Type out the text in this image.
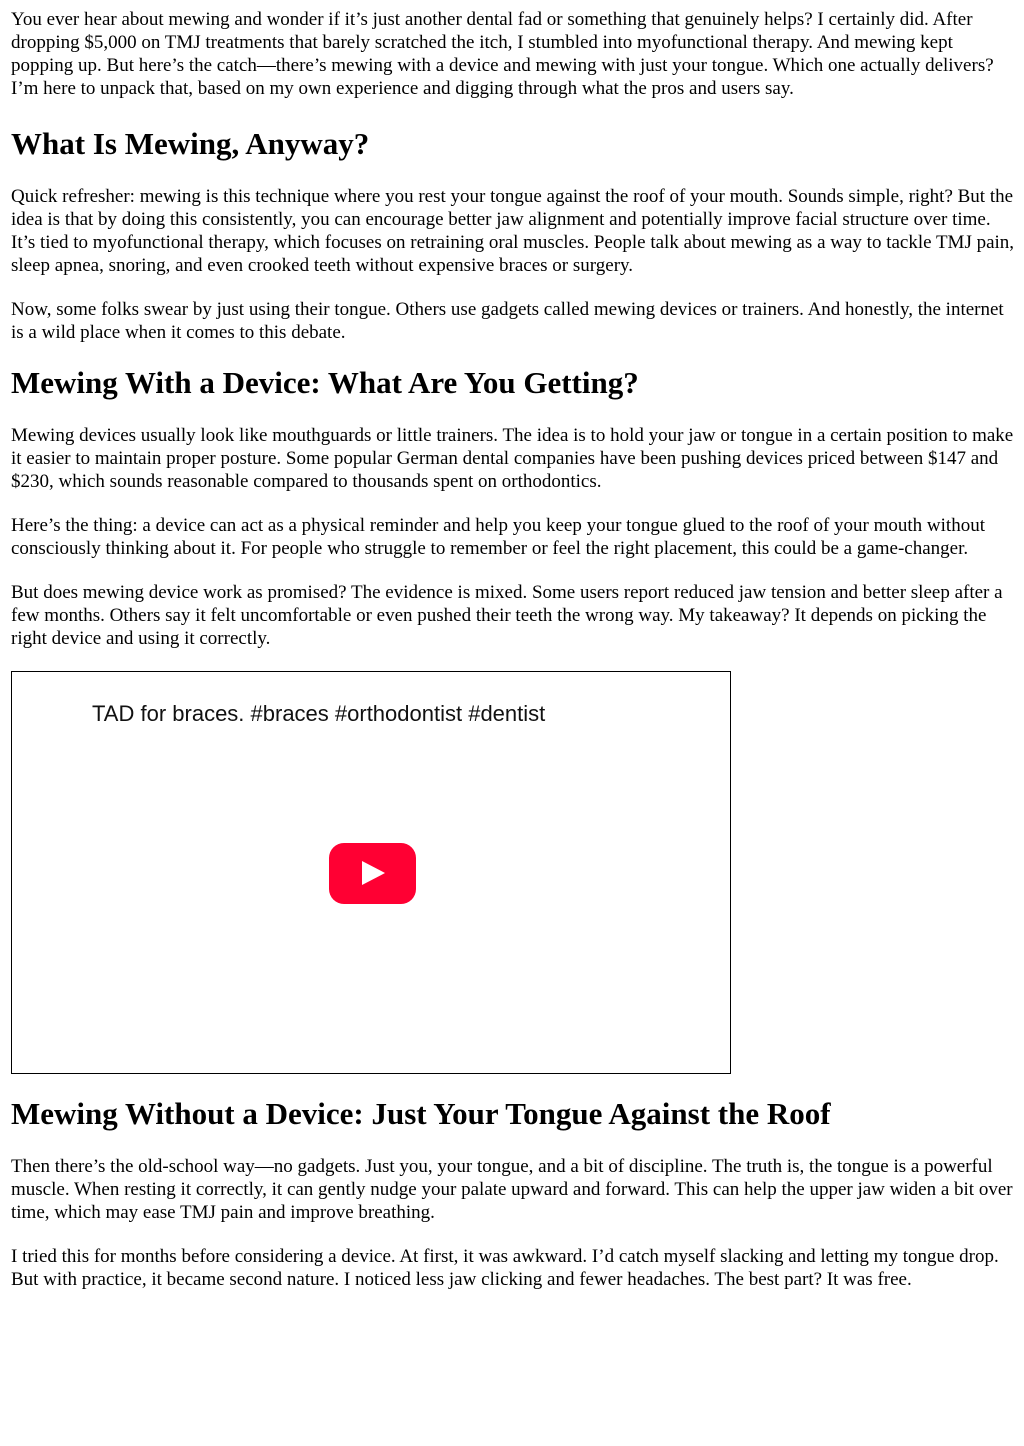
You ever hear about mewing and wonder if it’s just another dental fad or something that genuinely helps? I certainly did. After dropping $5,000 on TMJ treatments that barely scratched the itch, I stumbled into myofunctional therapy. And mewing kept popping up. But here’s the catch—there’s mewing with a device and mewing with just your tongue. Which one actually delivers? I’m here to unpack that, based on my own experience and digging through what the pros and users say.

What Is Mewing, Anyway?

Quick refresher: mewing is this technique where you rest your tongue against the roof of your mouth. Sounds simple, right? But the idea is that by doing this consistently, you can encourage better jaw alignment and potentially improve facial structure over time. It’s tied to myofunctional therapy, which focuses on retraining oral muscles. People talk about mewing as a way to tackle TMJ pain, sleep apnea, snoring, and even crooked teeth without expensive braces or surgery.

Now, some folks swear by just using their tongue. Others use gadgets called mewing devices or trainers. And honestly, the internet is a wild place when it comes to this debate.

Mewing With a Device: What Are You Getting?

Mewing devices usually look like mouthguards or little trainers. The idea is to hold your jaw or tongue in a certain position to make it easier to maintain proper posture. Some popular German dental companies have been pushing devices priced between $147 and $230, which sounds reasonable compared to thousands spent on orthodontics.

Here’s the thing: a device can act as a physical reminder and help you keep your tongue glued to the roof of your mouth without consciously thinking about it. For people who struggle to remember or feel the right placement, this could be a game-changer.

But does mewing device work as promised? The evidence is mixed. Some users report reduced jaw tension and better sleep after a few months. Others say it felt uncomfortable or even pushed their teeth the wrong way. My takeaway? It depends on picking the right device and using it correctly.

TAD for braces. #braces #orthodontist #dentist
Mewing Without a Device: Just Your Tongue Against the Roof

Then there’s the old-school way—no gadgets. Just you, your tongue, and a bit of discipline. The truth is, the tongue is a powerful muscle. When resting it correctly, it can gently nudge your palate upward and forward. This can help the upper jaw widen a bit over time, which may ease TMJ pain and improve breathing.

I tried this for months before considering a device. At first, it was awkward. I’d catch myself slacking and letting my tongue drop. But with practice, it became second nature. I noticed less jaw clicking and fewer headaches. The best part? It was free.
